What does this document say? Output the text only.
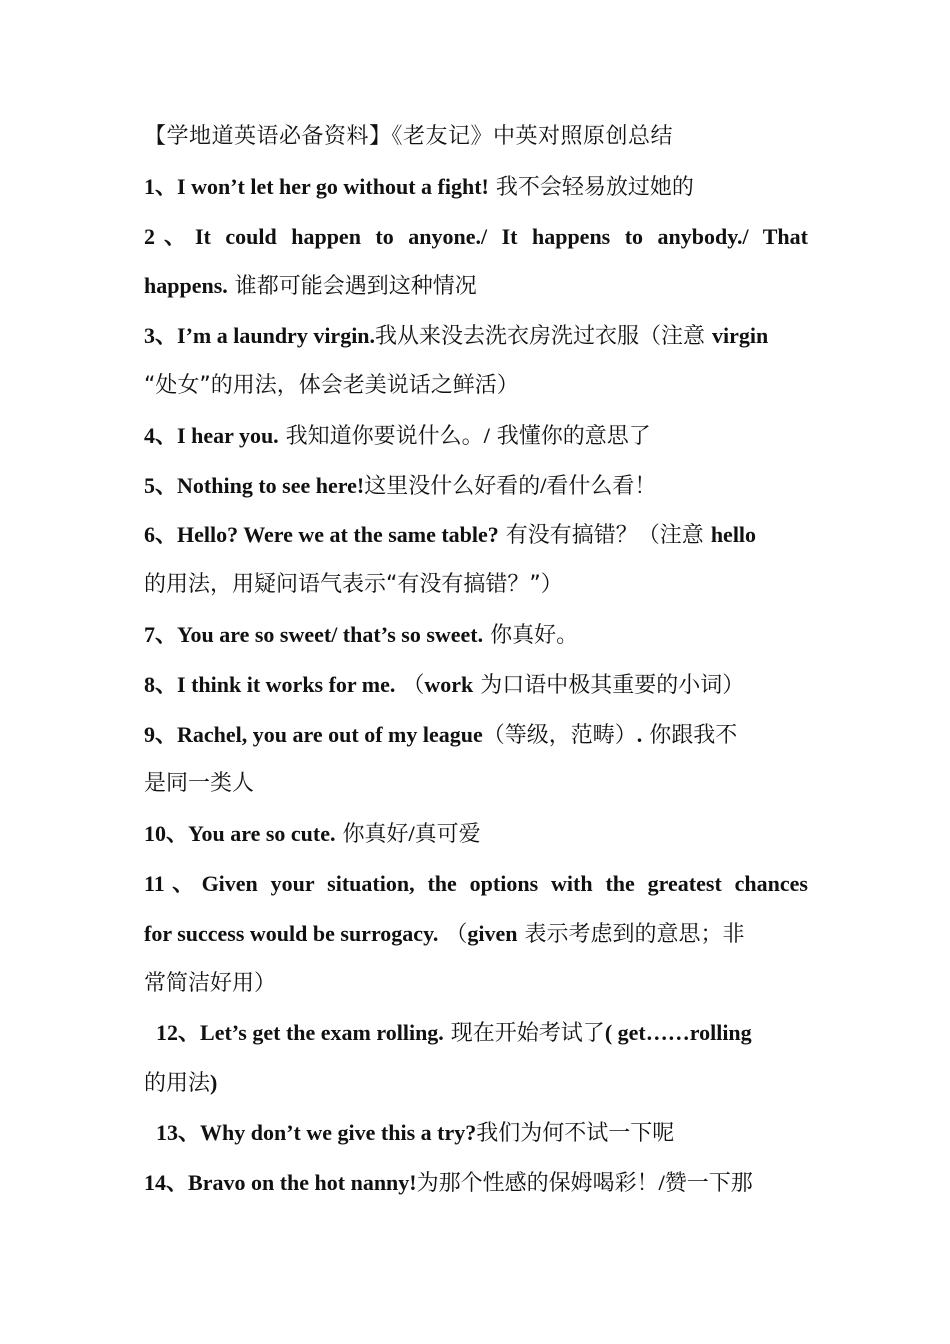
【学地道英语必备资料】《老友记》中英对照原创总结
1、I won’t let her go without a fight! 我不会轻易放过她的
2、It could happen to anyone./ It happens to anybody./ That
happens. 谁都可能会遇到这种情况
3、I’m a laundry virgin.我从来没去洗衣房洗过衣服（注意 virgin
“处女”的用法，体会老美说话之鲜活）
4、I hear you. 我知道你要说什么。/ 我懂你的意思了
5、Nothing to see here!这里没什么好看的/看什么看！
6、Hello? Were we at the same table? 有没有搞错？（注意 hello
的用法，用疑问语气表示“有没有搞错？”）
7、You are so sweet/ that’s so sweet. 你真好。
8、I think it works for me. （work 为口语中极其重要的小词）
9、Rachel, you are out of my league（等级，范畴）. 你跟我不
是同一类人
10、You are so cute. 你真好/真可爱
11、Given your situation, the options with the greatest chances
for success would be surrogacy. （given 表示考虑到的意思；非
常简洁好用）
12、Let’s get the exam rolling. 现在开始考试了( get……rolling
的用法)
13、Why don’t we give this a try?我们为何不试一下呢
14、Bravo on the hot nanny!为那个性感的保姆喝彩！/赞一下那
